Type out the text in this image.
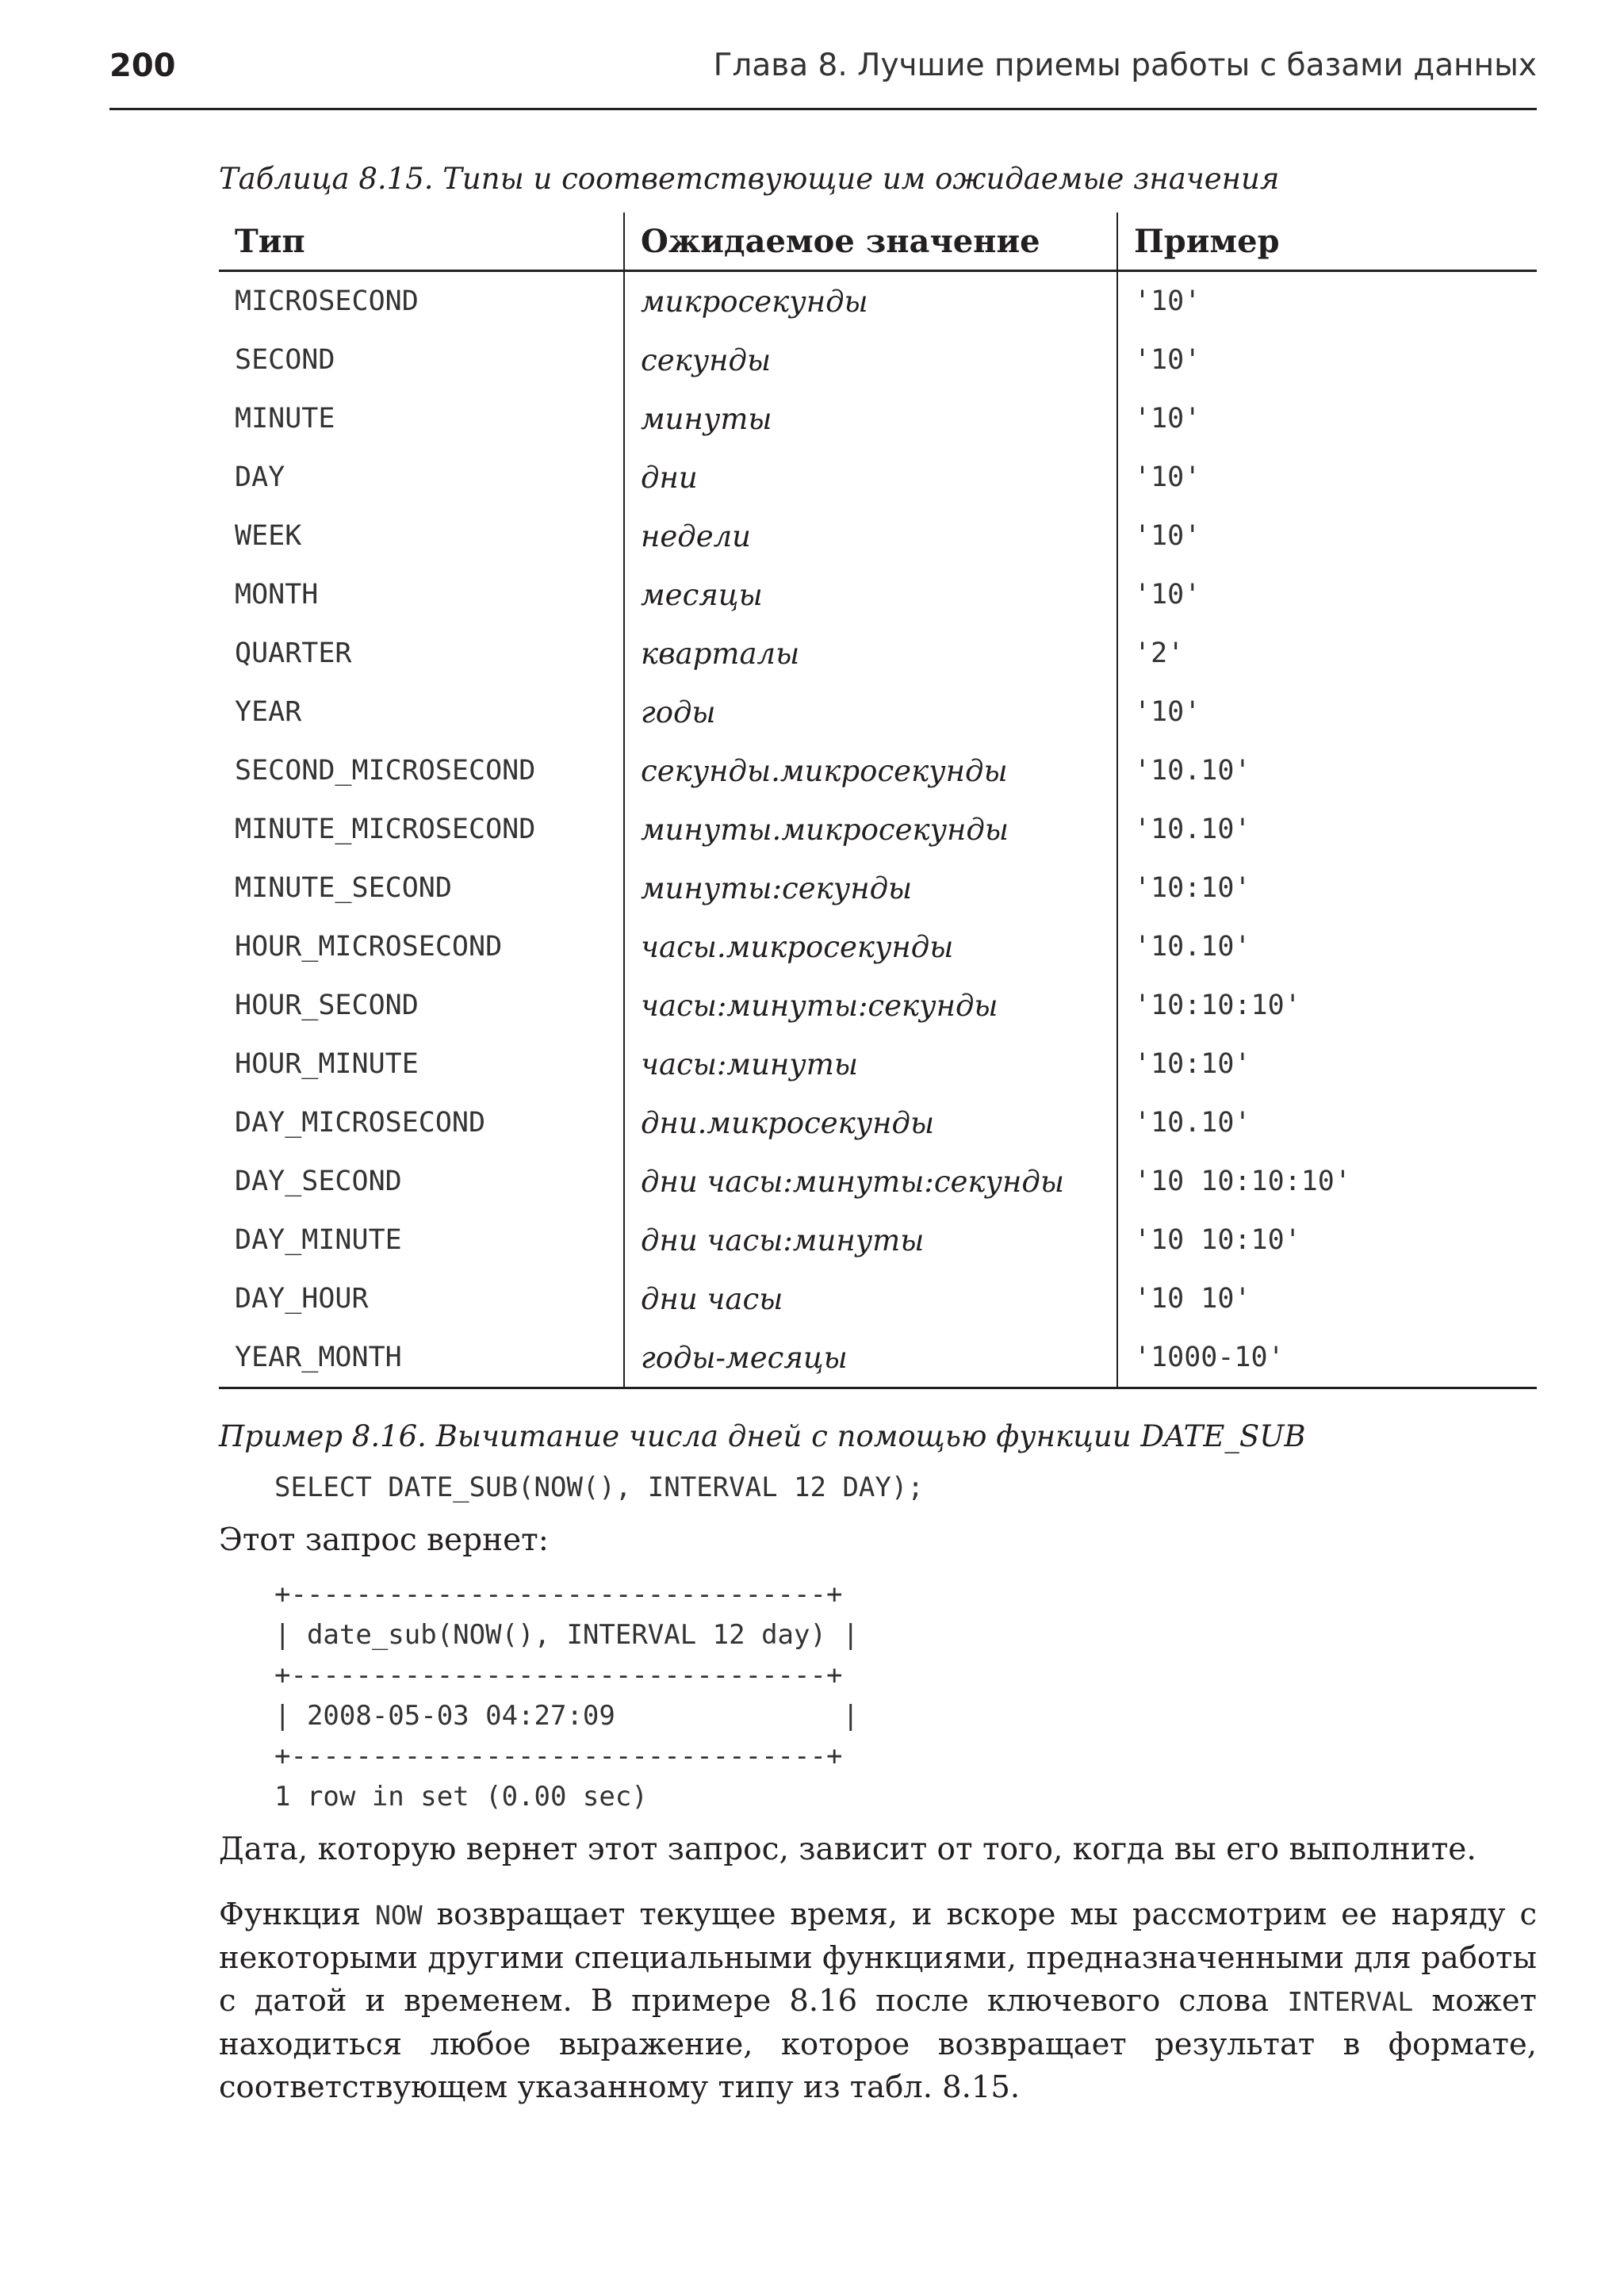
200	Глава 8. Лучшие приемы работы с базами данных
Таблица 8.15. Типы и соответствующие им ожидаемые значения
Тип	Ожидаемое значение	Пример
MICROSECOND	микросекунды	'10'
SECOND	секунды	'10'
MINUTE	минуты	'10'
DAY	дни	'10'
WEEK	недели	'10'
MONTH	месяцы	'10'
QUARTER	кварталы	'2'
YEAR	годы	'10'
SECOND_MICROSECOND	секунды.микросекунды	'10.10'
MINUTE_MICROSECOND	минуты.микросекунды	'10.10'
MINUTE_SECOND	минуты:секунды	'10:10'
HOUR_MICROSECOND	часы.микросекунды	'10.10'
HOUR_SECOND	часы:минуты:секунды	'10:10:10'
HOUR_MINUTE	часы:минуты	'10:10'
DAY_MICROSECOND	дни.микросекунды	'10.10'
DAY_SECOND	дни часы:минуты:секунды	'10 10:10:10'
DAY_MINUTE	дни часы:минуты	'10 10:10'
DAY_HOUR	дни часы	'10 10'
YEAR_MONTH	годы-месяцы	'1000-10'
Пример 8.16. Вычитание числа дней с помощью функции DATE_SUB
SELECT DATE_SUB(NOW(), INTERVAL 12 DAY);

Этот запрос вернет:

+---------------------------------+
| date_sub(NOW(), INTERVAL 12 day) |
+---------------------------------+
| 2008-05-03 04:27:09              |
+---------------------------------+
1 row in set (0.00 sec)

Дата, которую вернет этот запрос, зависит от того, когда вы его выполните.

Функция NOW возвращает текущее время, и вскоре мы рассмотрим ее наряду с некоторыми другими специальными функциями, предназначенными для работы с датой и временем. В примере 8.16 после ключевого слова INTERVAL может находиться любое выражение, которое возвращает результат в формате, соответствующем указанному типу из табл. 8.15.
